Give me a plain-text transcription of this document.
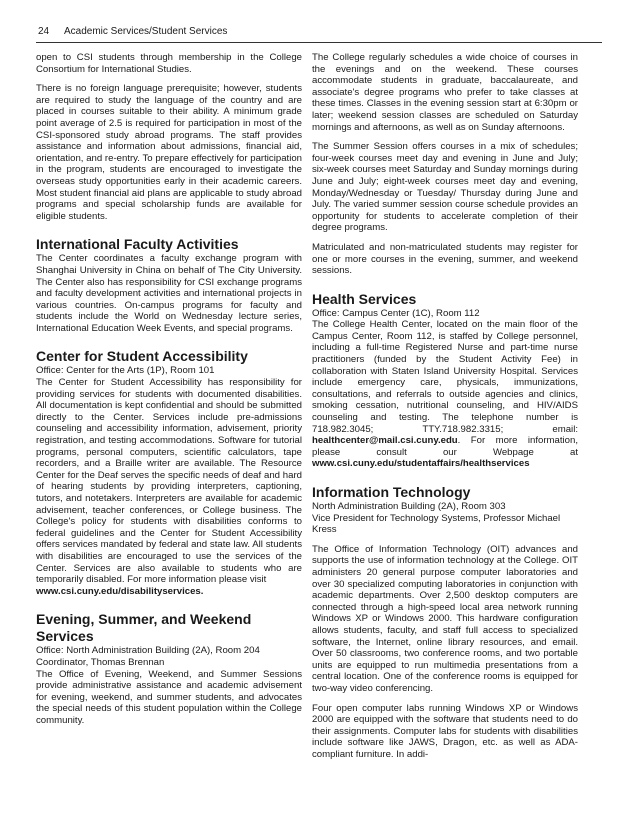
24 Academic Services/Student Services

open to CSI students through membership in the College Consortium for International Studies.

There is no foreign language prerequisite; however, students are required to study the language of the country and are placed in courses suitable to their ability. A minimum grade point average of 2.5 is required for participation in most of the CSI-sponsored study abroad programs. The staff provides assistance and information about admissions, financial aid, orientation, and re-entry. To prepare effectively for participation in the program, students are encouraged to investigate the overseas study opportunities early in their academic careers. Most student financial aid plans are applicable to study abroad programs and special scholarship funds are available for eligible students.

International Faculty Activities

The Center coordinates a faculty exchange program with Shanghai University in China on behalf of The City University. The Center also has responsibility for CSI exchange programs and faculty development activities and international projects in various countries. On-campus programs for faculty and students include the World on Wednesday lecture series, International Education Week Events, and special programs.

Center for Student Accessibility
Office: Center for the Arts (1P), Room 101

The Center for Student Accessibility has responsibility for providing services for students with documented disabilities. All documentation is kept confidential and should be submitted directly to the Center. Services include pre-admissions counseling and accessibility information, advisement, priority registration, and testing accommodations. Software for tutorial programs, personal computers, scientific calculators, tape recorders, and a Braille writer are available. The Resource Center for the Deaf serves the specific needs of deaf and hard of hearing students by providing interpreters, captioning, tutors, and notetakers. Interpreters are available for academic advisement, teacher conferences, or College business. The College's policy for students with disabilities conforms to federal guidelines and the Center for Student Accessibility offers services mandated by federal and state law. All students with disabilities are encouraged to use the services of the Center. Services are also available to students who are temporarily disabled. For more information please visit

www.csi.cuny.edu/disabilityservices.

Evening, Summer, and Weekend Services
Office: North Administration Building (2A), Room 204
Coordinator, Thomas Brennan

The Office of Evening, Weekend, and Summer Sessions provide administrative assistance and academic advisement for evening, weekend, and summer students, and advocates the special needs of this student population within the College community.

The College regularly schedules a wide choice of courses in the evenings and on the weekend. These courses accommodate students in graduate, baccalaureate, and associate's degree programs who prefer to take classes at these times. Classes in the evening session start at 6:30pm or later; weekend session classes are scheduled on Saturday mornings and afternoons, as well as on Sunday afternoons.

The Summer Session offers courses in a mix of schedules; four-week courses meet day and evening in June and July; six-week courses meet Saturday and Sunday mornings during June and July; eight-week courses meet day and evening, Monday/Wednesday or Tuesday/ Thursday during June and July. The varied summer session course schedule provides an opportunity for students to accelerate completion of their degree programs.

Matriculated and non-matriculated students may register for one or more courses in the evening, summer, and weekend sessions.

Health Services
Office: Campus Center (1C), Room 112

The College Health Center, located on the main floor of the Campus Center, Room 112, is staffed by College personnel, including a full-time Registered Nurse and part-time nurse practitioners (funded by the Student Activity Fee) in collaboration with Staten Island University Hospital. Services include emergency care, physicals, immunizations, consultations, and referrals to outside agencies and clinics, smoking cessation, nutritional counseling, and HIV/AIDS counseling and testing. The telephone number is 718.982.3045; TTY.718.982.3315; email: healthcenter@mail.csi.cuny.edu. For more information, please consult our Webpage at www.csi.cuny.edu/studentaffairs/healthservices

Information Technology
North Administration Building (2A), Room 303
Vice President for Technology Systems, Professor Michael Kress

The Office of Information Technology (OIT) advances and supports the use of information technology at the College. OIT administers 20 general purpose computer laboratories and over 30 specialized computing laboratories in conjunction with academic departments. Over 2,500 desktop computers are connected through a high-speed local area network running Windows XP or Windows 2000. This hardware configuration allows students, faculty, and staff full access to specialized software, the Internet, online library resources, and email. Over 50 classrooms, two conference rooms, and two portable units are equipped to run multimedia presentations from a central location. One of the conference rooms is equipped for two-way video conferencing.

Four open computer labs running Windows XP or Windows 2000 are equipped with the software that students need to do their assignments. Computer labs for students with disabilities include software like JAWS, Dragon, etc. as well as ADA-compliant furniture. In addi-
